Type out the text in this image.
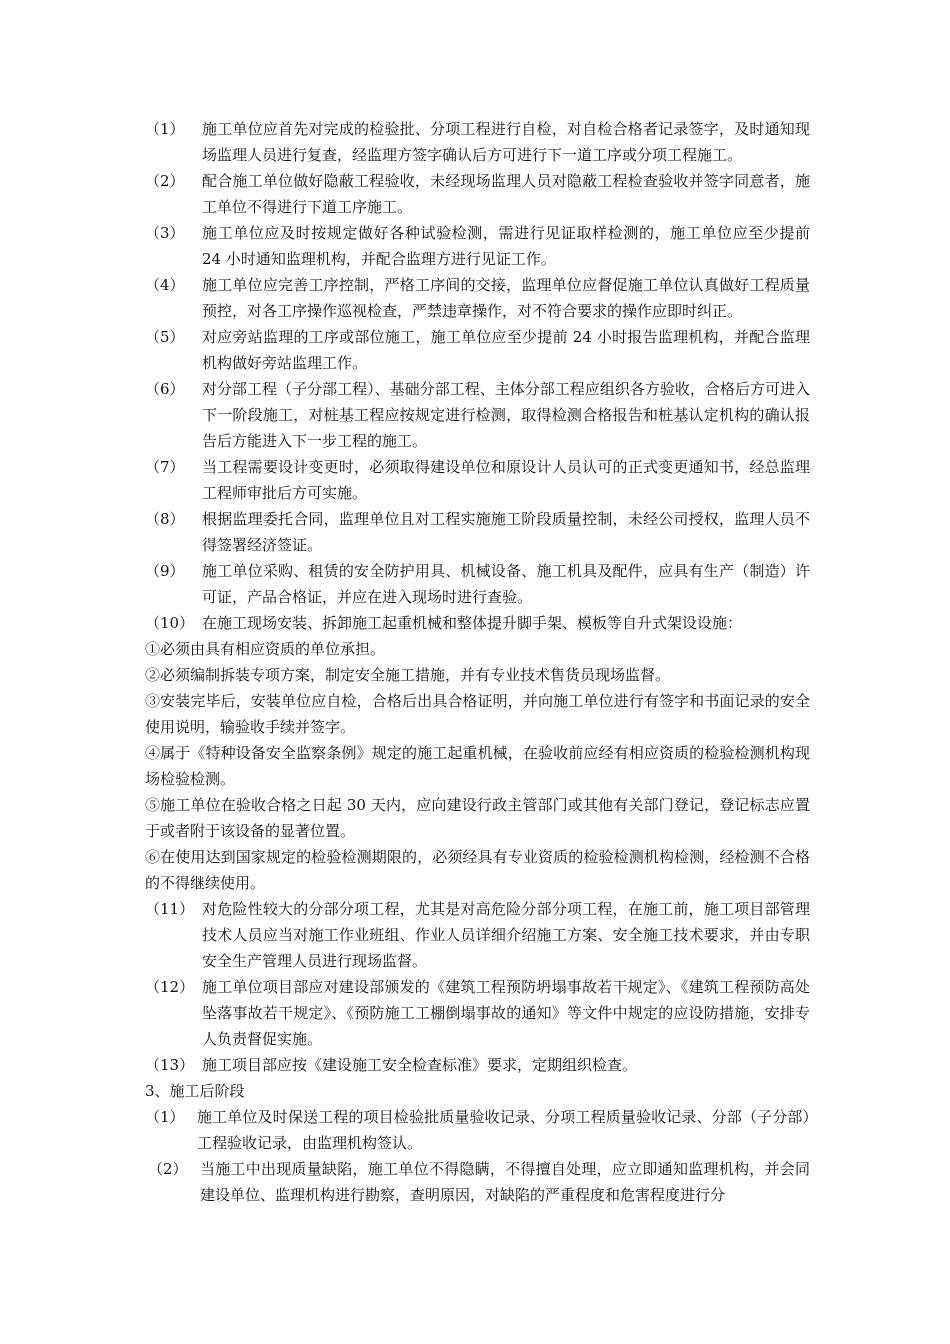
（1）	施工单位应首先对完成的检验批、分项工程进行自检，对自检合格者记录签字，及时通知现场监理人员进行复查，经监理方签字确认后方可进行下一道工序或分项工程施工。
（2）	配合施工单位做好隐蔽工程验收，未经现场监理人员对隐蔽工程检查验收并签字同意者，施工单位不得进行下道工序施工。
（3）	施工单位应及时按规定做好各种试验检测，需进行见证取样检测的，施工单位应至少提前 24 小时通知监理机构，并配合监理方进行见证工作。
（4）	施工单位应完善工序控制，严格工序间的交接，监理单位应督促施工单位认真做好工程质量预控，对各工序操作巡视检查，严禁违章操作，对不符合要求的操作应即时纠正。
（5）	对应旁站监理的工序或部位施工，施工单位应至少提前 24 小时报告监理机构，并配合监理机构做好旁站监理工作。
（6）	对分部工程（子分部工程）、基础分部工程、主体分部工程应组织各方验收，合格后方可进入下一阶段施工，对桩基工程应按规定进行检测，取得检测合格报告和桩基认定机构的确认报告后方能进入下一步工程的施工。
（7）	当工程需要设计变更时，必须取得建设单位和原设计人员认可的正式变更通知书，经总监理工程师审批后方可实施。
（8）	根据监理委托合同，监理单位且对工程实施施工阶段质量控制，未经公司授权，监理人员不得签署经济签证。
（9）	施工单位采购、租赁的安全防护用具、机械设备、施工机具及配件，应具有生产（制造）许可证，产品合格证，并应在进入现场时进行查验。
（10） 在施工现场安装、拆卸施工起重机械和整体提升脚手架、模板等自升式架设设施：
①必须由具有相应资质的单位承担。
②必须编制拆装专项方案，制定安全施工措施，并有专业技术售货员现场监督。
③安装完毕后，安装单位应自检，合格后出具合格证明，并向施工单位进行有签字和书面记录的安全使用说明，输验收手续并签字。
④属于《特种设备安全监察条例》规定的施工起重机械，在验收前应经有相应资质的检验检测机构现场检验检测。
⑤施工单位在验收合格之日起 30 天内，应向建设行政主管部门或其他有关部门登记，登记标志应置于或者附于该设备的显著位置。
⑥在使用达到国家规定的检验检测期限的，必须经具有专业资质的检验检测机构检测，经检测不合格的不得继续使用。
（11） 对危险性较大的分部分项工程，尤其是对高危险分部分项工程，在施工前，施工项目部管理技术人员应当对施工作业班组、作业人员详细介绍施工方案、安全施工技术要求，并由专职安全生产管理人员进行现场监督。
（12） 施工单位项目部应对建设部颁发的《建筑工程预防坍塌事故若干规定》、《建筑工程预防高处坠落事故若干规定》、《预防施工工棚倒塌事故的通知》等文件中规定的应设防措施，安排专人负责督促实施。
（13） 施工项目部应按《建设施工安全检查标准》要求，定期组织检查。
3、施工后阶段
（1） 施工单位及时保送工程的项目检验批质量验收记录、分项工程质量验收记录、分部（子分部）工程验收记录，由监理机构签认。
（2） 当施工中出现质量缺陷，施工单位不得隐瞒，不得擅自处理，应立即通知监理机构，并会同建设单位、监理机构进行勘察，查明原因，对缺陷的严重程度和危害程度进行分
